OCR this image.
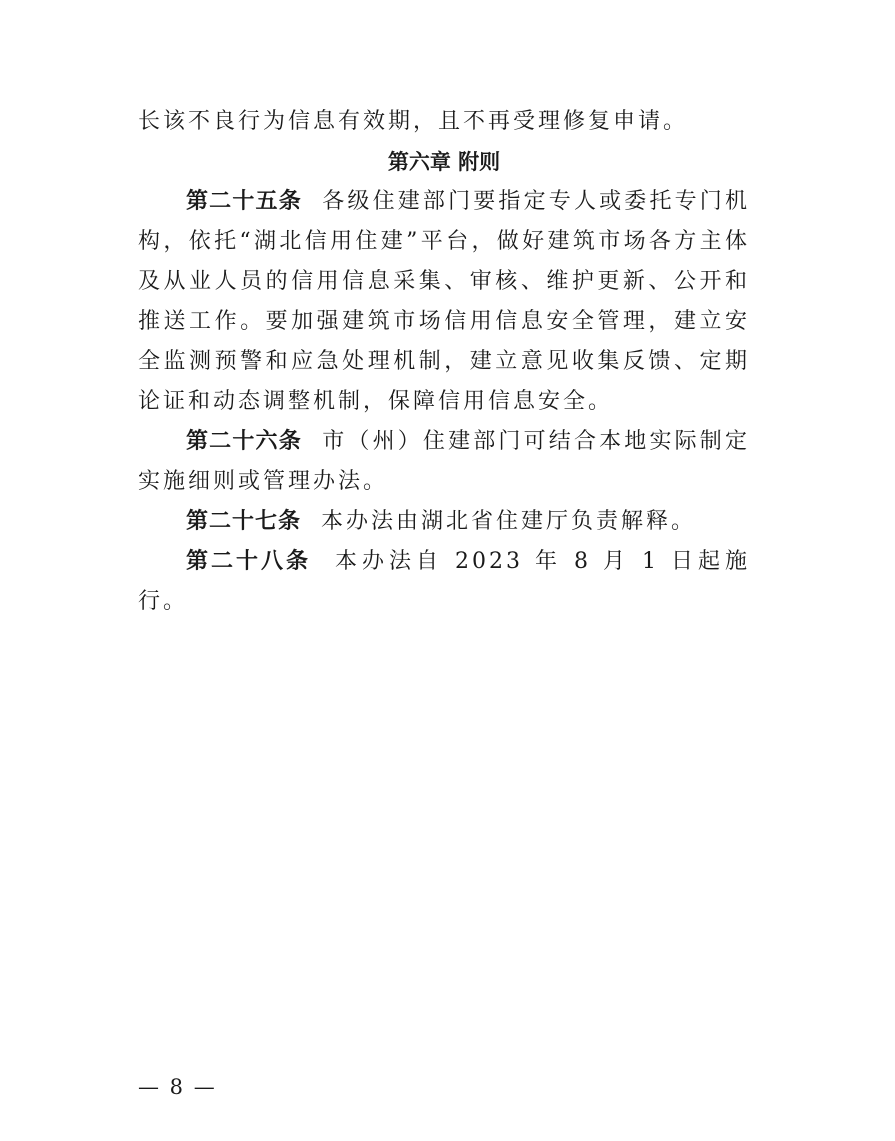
长该不良行为信息有效期，且不再受理修复申请。

第六章 附则

第二十五条 各级住建部门要指定专人或委托专门机构，依托“湖北信用住建”平台，做好建筑市场各方主体及从业人员的信用信息采集、审核、维护更新、公开和推送工作。要加强建筑市场信用信息安全管理，建立安全监测预警和应急处理机制，建立意见收集反馈、定期论证和动态调整机制，保障信用信息安全。

第二十六条 市（州）住建部门可结合本地实际制定实施细则或管理办法。

第二十七条 本办法由湖北省住建厅负责解释。

第二十八条 本办法自 2023 年 8 月 1 日起施行。

— 8 —
